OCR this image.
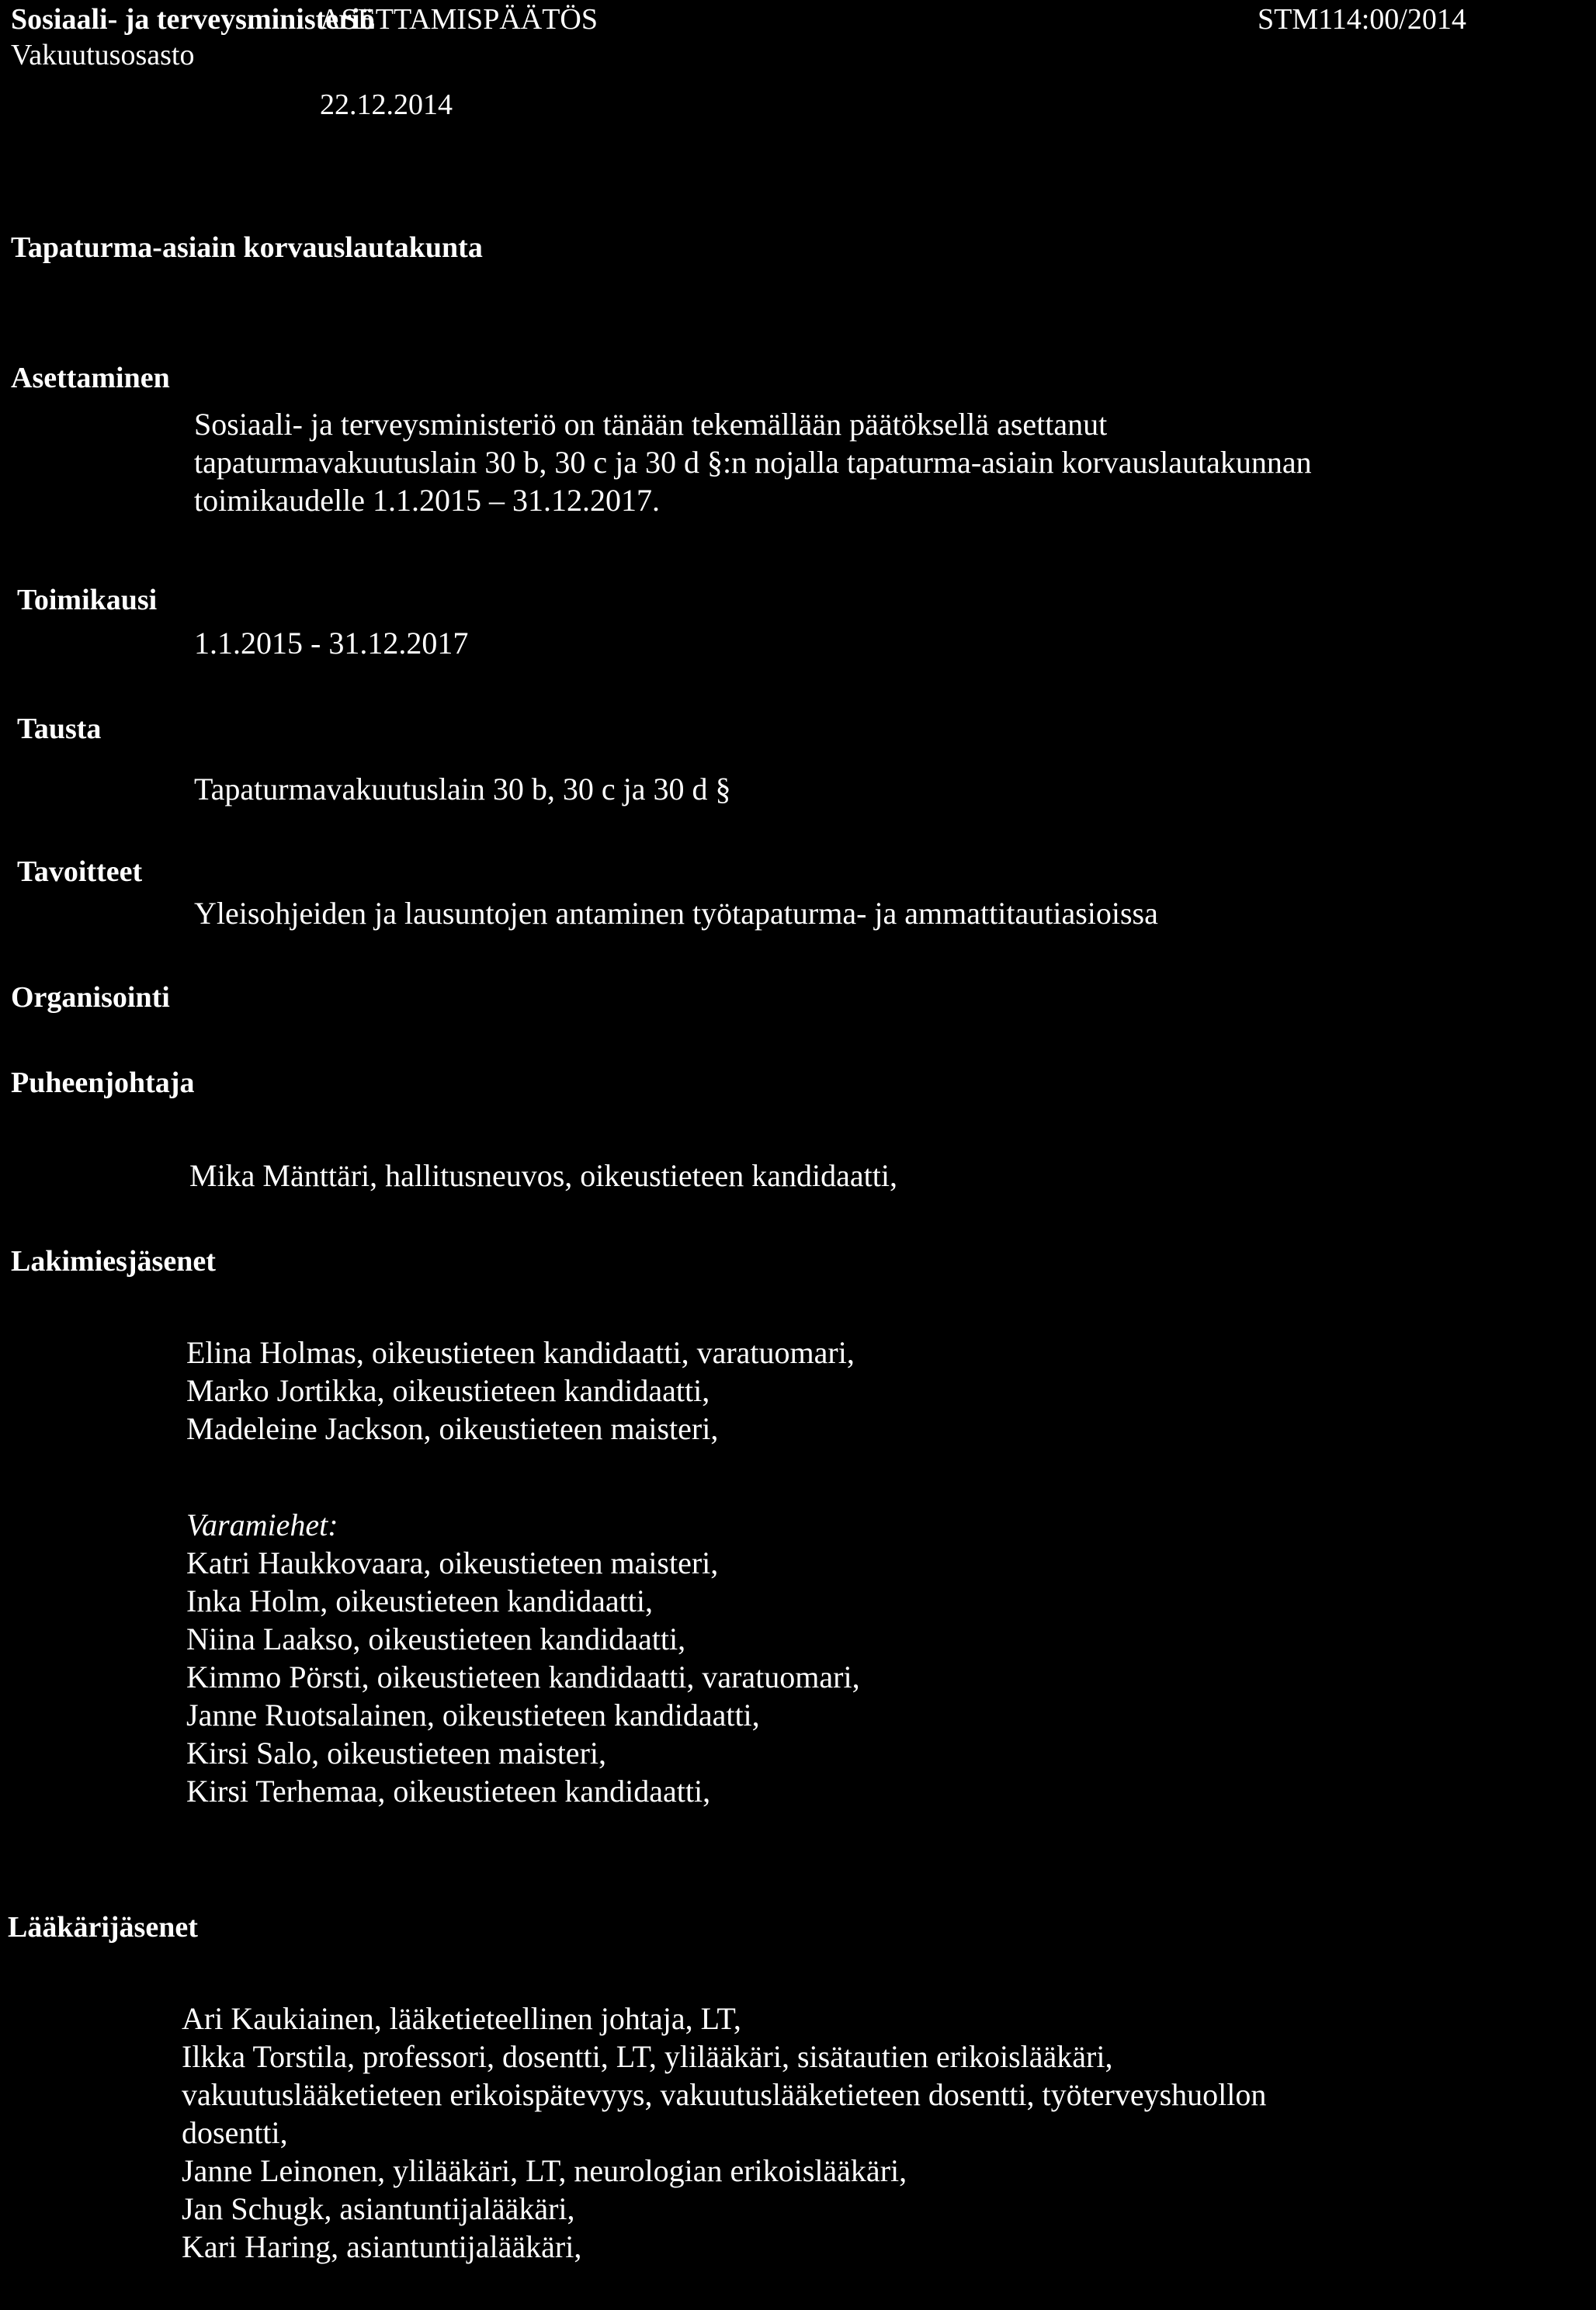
Sosiaali- ja terveysministeriö
Vakuutusosasto
ASETTAMISPÄÄTÖS
22.12.2014
STM114:00/2014
Tapaturma-asiain korvauslautakunta
Asettaminen
Sosiaali- ja terveysministeriö on tänään tekemällään päätöksellä asettanut
tapaturmavakuutuslain 30 b, 30 c ja 30 d §:n nojalla tapaturma-asiain korvauslautakunnan
toimikaudelle 1.1.2015 – 31.12.2017.
Toimikausi
1.1.2015 - 31.12.2017
Tausta
Tapaturmavakuutuslain 30 b, 30 c ja 30 d §
Tavoitteet
Yleisohjeiden ja lausuntojen antaminen työtapaturma- ja ammattitautiasioissa
Organisointi
Puheenjohtaja
Mika Mänttäri, hallitusneuvos, oikeustieteen kandidaatti,
Lakimiesjäsenet
Elina Holmas, oikeustieteen kandidaatti, varatuomari,
Marko Jortikka, oikeustieteen kandidaatti,
Madeleine Jackson, oikeustieteen maisteri,
Varamiehet:
Katri Haukkovaara, oikeustieteen maisteri,
Inka Holm, oikeustieteen kandidaatti,
Niina Laakso, oikeustieteen kandidaatti,
Kimmo Pörsti, oikeustieteen kandidaatti, varatuomari,
Janne Ruotsalainen, oikeustieteen kandidaatti,
Kirsi Salo, oikeustieteen maisteri,
Kirsi Terhemaa, oikeustieteen kandidaatti,
Lääkärijäsenet
Ari Kaukiainen, lääketieteellinen johtaja, LT,
Ilkka Torstila, professori, dosentti, LT, ylilääkäri, sisätautien erikoislääkäri,
vakuutuslääketieteen erikoispätevyys, vakuutuslääketieteen dosentti, työterveyshuollon
dosentti,
Janne Leinonen, ylilääkäri, LT, neurologian erikoislääkäri,
Jan Schugk, asiantuntijalääkäri,
Kari Haring, asiantuntijalääkäri,
